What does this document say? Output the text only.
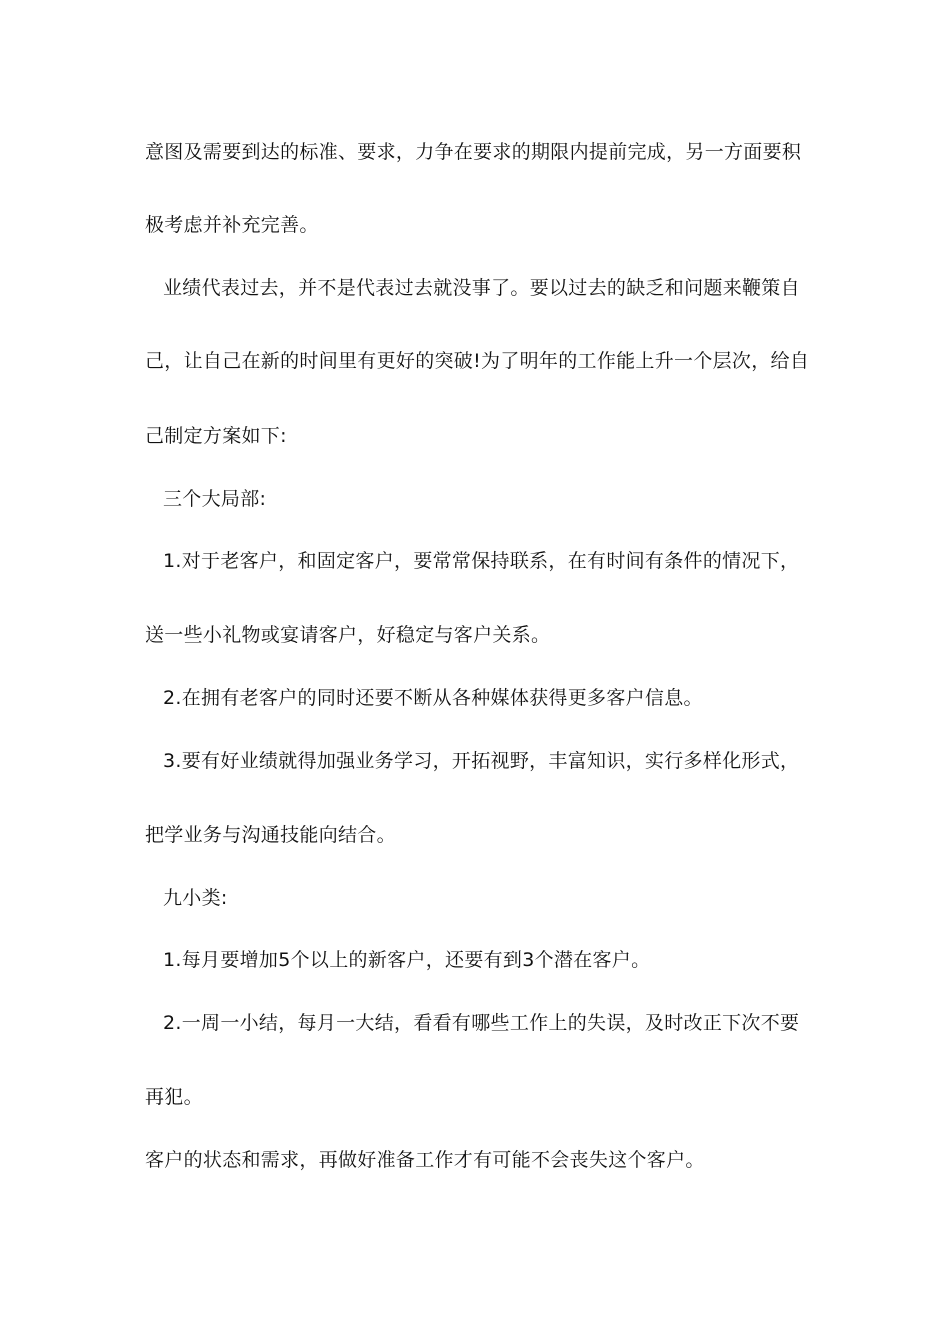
意图及需要到达的标准、要求，力争在要求的期限内提前完成，另一方面要积
极考虑并补充完善。
业绩代表过去，并不是代表过去就没事了。要以过去的缺乏和问题来鞭策自
己，让自己在新的时间里有更好的突破!为了明年的工作能上升一个层次，给自
己制定方案如下:
三个大局部:
1.对于老客户，和固定客户，要常常保持联系，在有时间有条件的情况下，
送一些小礼物或宴请客户，好稳定与客户关系。
2.在拥有老客户的同时还要不断从各种媒体获得更多客户信息。
3.要有好业绩就得加强业务学习，开拓视野，丰富知识，实行多样化形式，
把学业务与沟通技能向结合。
九小类:
1.每月要增加5个以上的新客户，还要有到3个潜在客户。
2.一周一小结，每月一大结，看看有哪些工作上的失误，及时改正下次不要
再犯。
客户的状态和需求，再做好准备工作才有可能不会丧失这个客户。
